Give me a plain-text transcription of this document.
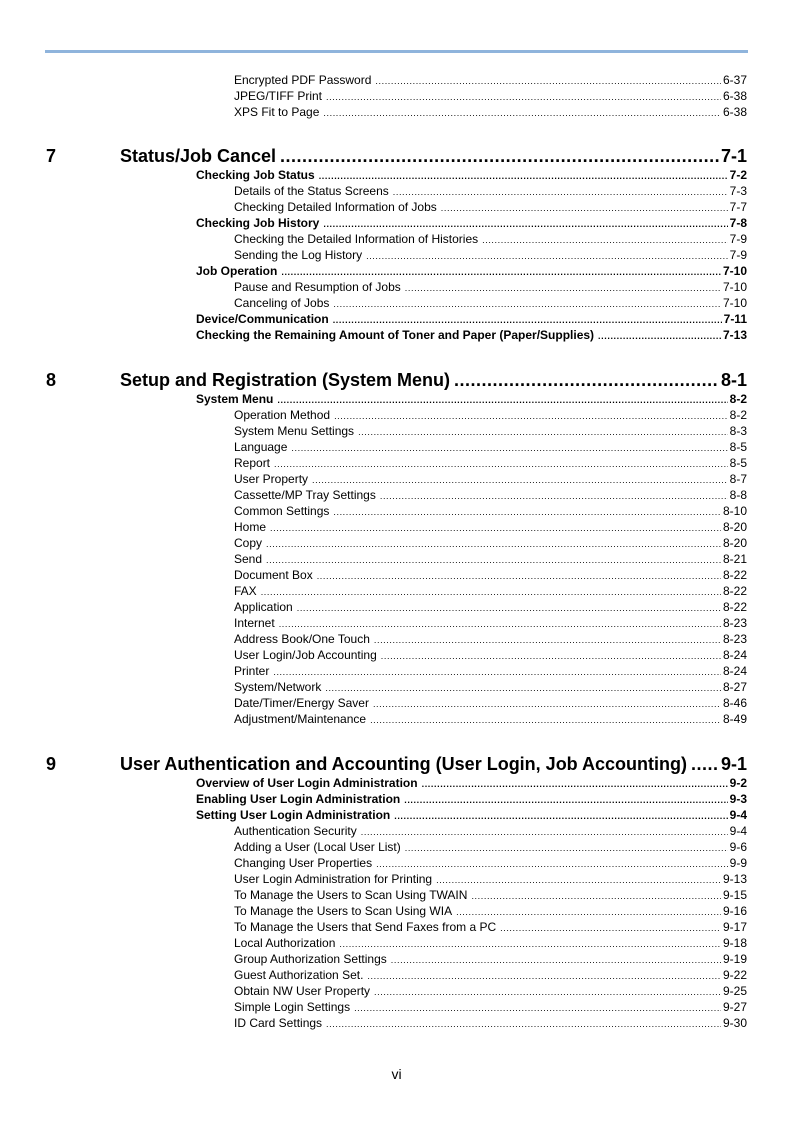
Encrypted PDF Password .....	6-37
JPEG/TIFF Print .....	6-38
XPS Fit to Page .....	6-38
7	Status/Job Cancel .....	7-1
Checking Job Status .....	7-2
Details of the Status Screens .....	7-3
Checking Detailed Information of Jobs .....	7-7
Checking Job History .....	7-8
Checking the Detailed Information of Histories .....	7-9
Sending the Log History .....	7-9
Job Operation .....	7-10
Pause and Resumption of Jobs .....	7-10
Canceling of Jobs .....	7-10
Device/Communication .....	7-11
Checking the Remaining Amount of Toner and Paper (Paper/Supplies) .....	7-13
8	Setup and Registration (System Menu) .....	8-1
System Menu .....	8-2
Operation Method .....	8-2
System Menu Settings .....	8-3
Language .....	8-5
Report .....	8-5
User Property .....	8-7
Cassette/MP Tray Settings .....	8-8
Common Settings .....	8-10
Home .....	8-20
Copy .....	8-20
Send .....	8-21
Document Box .....	8-22
FAX .....	8-22
Application .....	8-22
Internet .....	8-23
Address Book/One Touch .....	8-23
User Login/Job Accounting .....	8-24
Printer .....	8-24
System/Network .....	8-27
Date/Timer/Energy Saver .....	8-46
Adjustment/Maintenance .....	8-49
9	User Authentication and Accounting (User Login, Job Accounting) ..... 9-1
Overview of User Login Administration .....	9-2
Enabling User Login Administration .....	9-3
Setting User Login Administration .....	9-4
Authentication Security .....	9-4
Adding a User (Local User List) .....	9-6
Changing User Properties .....	9-9
User Login Administration for Printing .....	9-13
To Manage the Users to Scan Using TWAIN .....	9-15
To Manage the Users to Scan Using WIA .....	9-16
To Manage the Users that Send Faxes from a PC .....	9-17
Local Authorization .....	9-18
Group Authorization Settings .....	9-19
Guest Authorization Set. .....	9-22
Obtain NW User Property .....	9-25
Simple Login Settings .....	9-27
ID Card Settings .....	9-30
vi
